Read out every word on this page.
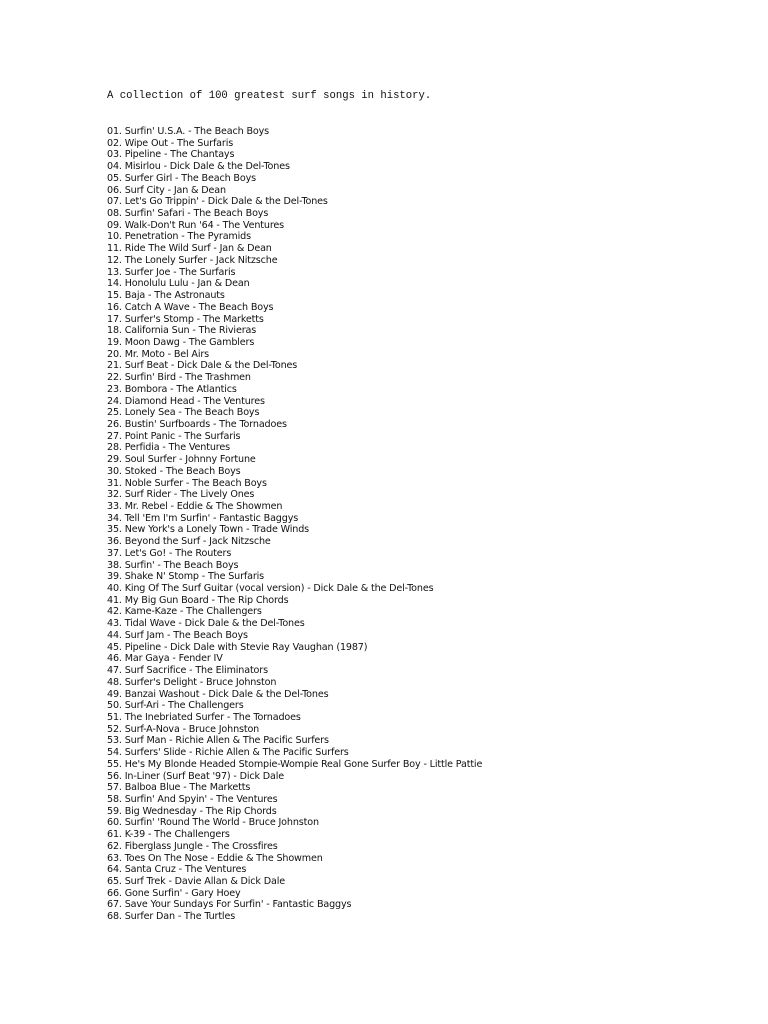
A collection of 100 greatest surf songs in history.
01. Surfin' U.S.A. - The Beach Boys
02. Wipe Out - The Surfaris
03. Pipeline - The Chantays
04. Misirlou - Dick Dale & the Del-Tones
05. Surfer Girl - The Beach Boys
06. Surf City - Jan & Dean
07. Let's Go Trippin' - Dick Dale & the Del-Tones
08. Surfin' Safari - The Beach Boys
09. Walk-Don't Run '64 - The Ventures
10. Penetration - The Pyramids
11. Ride The Wild Surf - Jan & Dean
12. The Lonely Surfer - Jack Nitzsche
13. Surfer Joe - The Surfaris
14. Honolulu Lulu - Jan & Dean
15. Baja - The Astronauts
16. Catch A Wave - The Beach Boys
17. Surfer's Stomp - The Marketts
18. California Sun - The Rivieras
19. Moon Dawg - The Gamblers
20. Mr. Moto - Bel Airs
21. Surf Beat - Dick Dale & the Del-Tones
22. Surfin' Bird - The Trashmen
23. Bombora - The Atlantics
24. Diamond Head - The Ventures
25. Lonely Sea - The Beach Boys
26. Bustin' Surfboards - The Tornadoes
27. Point Panic - The Surfaris
28. Perfidia - The Ventures
29. Soul Surfer - Johnny Fortune
30. Stoked - The Beach Boys
31. Noble Surfer - The Beach Boys
32. Surf Rider - The Lively Ones
33. Mr. Rebel - Eddie & The Showmen
34. Tell 'Em I'm Surfin' - Fantastic Baggys
35. New York's a Lonely Town - Trade Winds
36. Beyond the Surf - Jack Nitzsche
37. Let's Go! - The Routers
38. Surfin' - The Beach Boys
39. Shake N' Stomp - The Surfaris
40. King Of The Surf Guitar (vocal version) - Dick Dale & the Del-Tones
41. My Big Gun Board - The Rip Chords
42. Kame-Kaze - The Challengers
43. Tidal Wave - Dick Dale & the Del-Tones
44. Surf Jam - The Beach Boys
45. Pipeline - Dick Dale with Stevie Ray Vaughan (1987)
46. Mar Gaya - Fender IV
47. Surf Sacrifice - The Eliminators
48. Surfer's Delight - Bruce Johnston
49. Banzai Washout - Dick Dale & the Del-Tones
50. Surf-Ari - The Challengers
51. The Inebriated Surfer - The Tornadoes
52. Surf-A-Nova - Bruce Johnston
53. Surf Man - Richie Allen & The Pacific Surfers
54. Surfers' Slide - Richie Allen & The Pacific Surfers
55. He's My Blonde Headed Stompie-Wompie Real Gone Surfer Boy - Little Pattie
56. In-Liner (Surf Beat '97) - Dick Dale
57. Balboa Blue - The Marketts
58. Surfin' And Spyin' - The Ventures
59. Big Wednesday - The Rip Chords
60. Surfin' 'Round The World - Bruce Johnston
61. K-39 - The Challengers
62. Fiberglass Jungle - The Crossfires
63. Toes On The Nose - Eddie & The Showmen
64. Santa Cruz - The Ventures
65. Surf Trek - Davie Allan & Dick Dale
66. Gone Surfin' - Gary Hoey
67. Save Your Sundays For Surfin' - Fantastic Baggys
68. Surfer Dan - The Turtles
